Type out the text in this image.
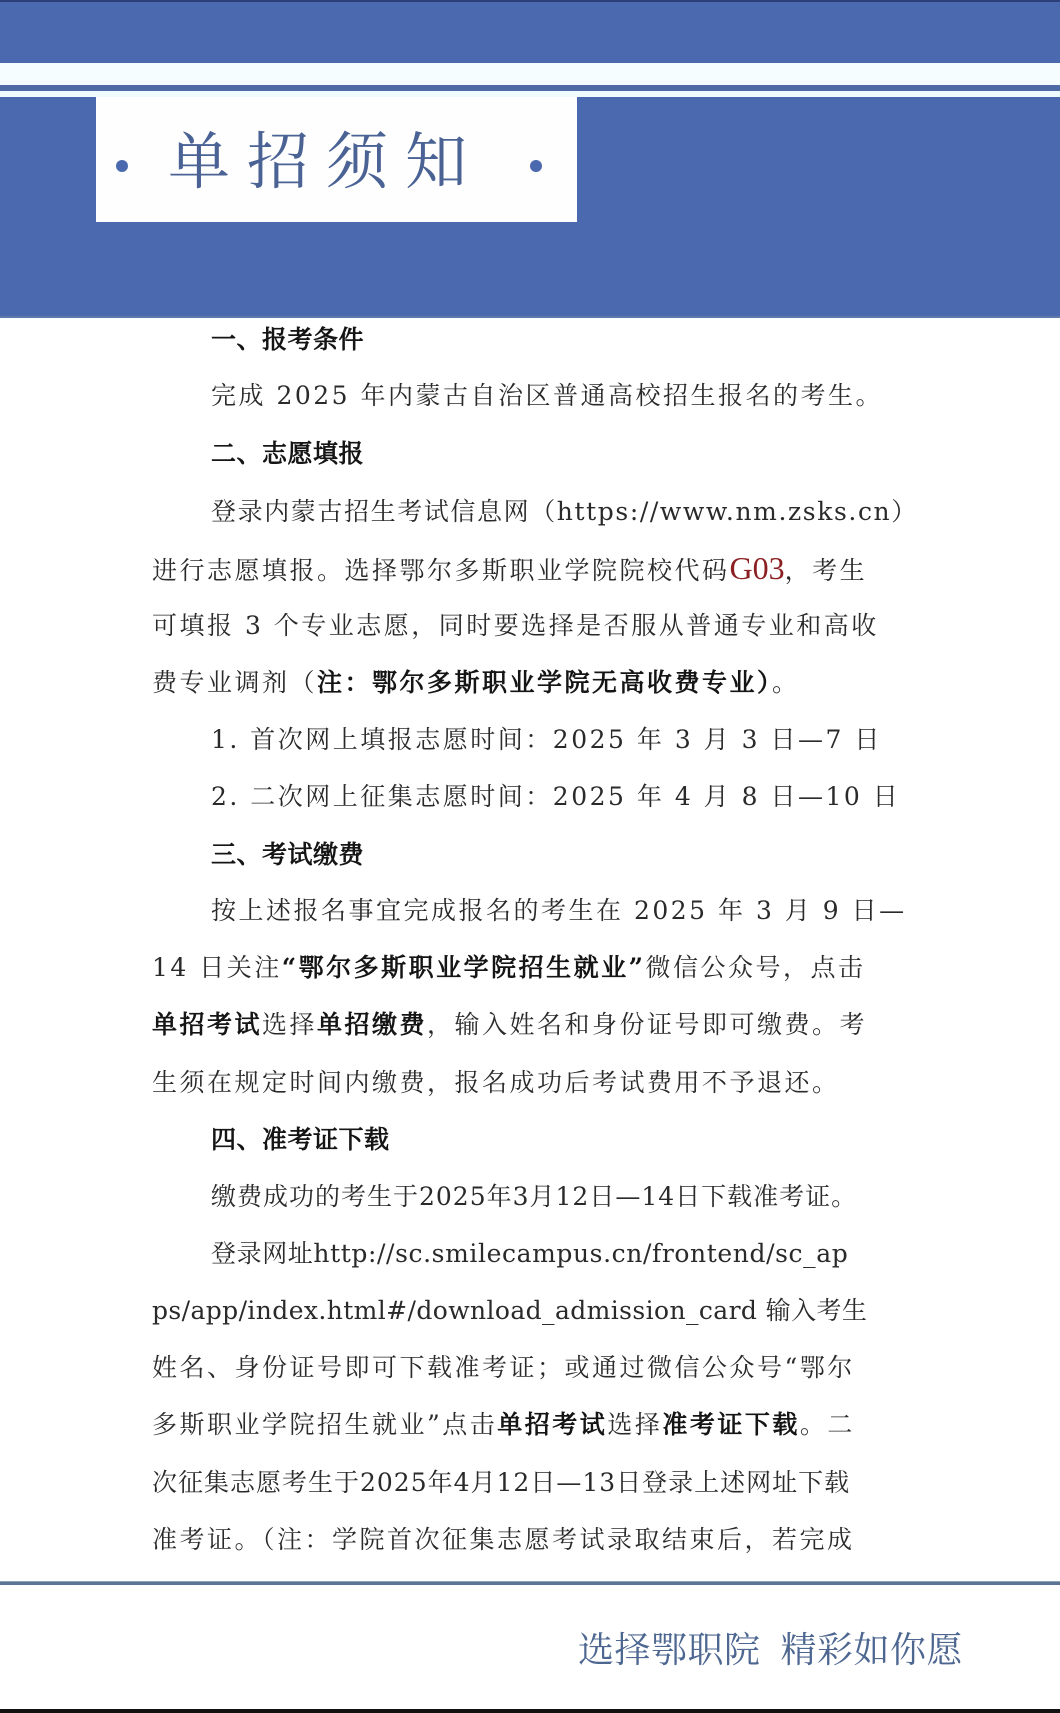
单招须知
一、报考条件
完成 2025 年内蒙古自治区普通高校招生报名的考生。
二、志愿填报
登录内蒙古招生考试信息网（https://www.nm.zsks.cn）
进行志愿填报。选择鄂尔多斯职业学院院校代码G03，考生
可填报 3 个专业志愿，同时要选择是否服从普通专业和高收
费专业调剂（注：鄂尔多斯职业学院无高收费专业）。
1. 首次网上填报志愿时间：2025 年 3 月 3 日—7 日
2. 二次网上征集志愿时间：2025 年 4 月 8 日—10 日
三、考试缴费
按上述报名事宜完成报名的考生在 2025 年 3 月 9 日—
14 日关注“鄂尔多斯职业学院招生就业”微信公众号，点击
单招考试选择单招缴费，输入姓名和身份证号即可缴费。考
生须在规定时间内缴费，报名成功后考试费用不予退还。
四、准考证下载
缴费成功的考生于2025年3月12日—14日下载准考证。
登录网址http://sc.smilecampus.cn/frontend/sc_ap
ps/app/index.html#/download_admission_card 输入考生
姓名、身份证号即可下载准考证；或通过微信公众号“鄂尔
多斯职业学院招生就业”点击单招考试选择准考证下载。二
次征集志愿考生于2025年4月12日—13日登录上述网址下载
准考证。（注：学院首次征集志愿考试录取结束后，若完成
选择鄂职院 精彩如你愿
